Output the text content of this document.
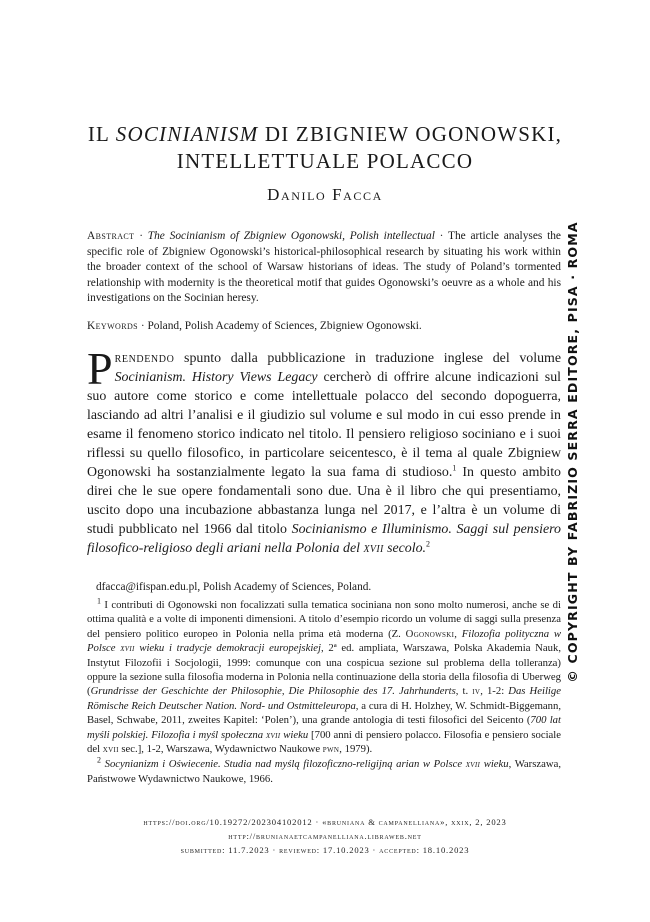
IL SOCINIANISM DI ZBIGNIEW OGONOWSKI,
INTELLETTUALE POLACCO
Danilo Facca
Abstract · The Socinianism of Zbigniew Ogonowski, Polish intellectual · The article analyses the specific role of Zbigniew Ogonowski’s historical-philosophical research by situating his work within the broader context of the school of Warsaw historians of ideas. The study of Poland’s tormented relationship with modernity is the theoretical motif that guides Ogonowski’s oeuvre as a whole and his investigations on the Socinian heresy.
Keywords · Poland, Polish Academy of Sciences, Zbigniew Ogonowski.
Prendendo spunto dalla pubblicazione in traduzione inglese del volume Socinianism. History Views Legacy cercherò di offrire alcune indicazioni sul suo autore come storico e come intellettuale polacco del secondo dopoguerra, lasciando ad altri l’analisi e il giudizio sul volume e sul modo in cui esso prende in esame il fenomeno storico indicato nel titolo. Il pensiero religioso sociniano e i suoi riflessi su quello filosofico, in particolare seicentesco, è il tema al quale Zbigniew Ogonowski ha sostanzialmente legato la sua fama di studioso.$^1$ In questo ambito direi che le sue opere fondamentali sono due. Una è il libro che qui presentiamo, uscito dopo una incubazione abbastanza lunga nel 2017, e l’altra è un volume di studi pubblicato nel 1966 dal titolo Socinianismo e Illuminismo. Saggi sul pensiero filosofico-religioso degli ariani nella Polonia del xvii secolo.$^2$
dfacca@ifispan.edu.pl, Polish Academy of Sciences, Poland.

$^1$ I contributi di Ogonowski non focalizzati sulla tematica sociniana non sono molto numerosi, anche se di ottima qualità e a volte di imponenti dimensioni. A titolo d’esempio ricordo un volume di saggi sulla presenza del pensiero politico europeo in Polonia nella prima età moderna (Z. Ogonowski, Filozofia polityczna w Polsce xvii wieku i tradycje demokracji europejskiej, 2ª ed. ampliata, Warszawa, Polska Akademia Nauk, Instytut Filozofii i Socjologii, 1999: comunque con una cospicua sezione sul problema della tolleranza) oppure la sezione sulla filosofia moderna in Polonia nella continuazione della storia della filosofia di Uberweg (Grundrisse der Geschichte der Philosophie, Die Philosophie des 17. Jahrhunderts, t. iv, 1-2: Das Heilige Römische Reich Deutscher Nation. Nord- und Ostmitteleuropa, a cura di H. Holzhey, W. Schmidt-Biggemann, Basel, Schwabe, 2011, zweites Kapitel: ‘Polen’), una grande antologia di testi filosofici del Seicento (700 lat myśli polskiej. Filozofia i myśl społeczna xvii wieku [700 anni di pensiero polacco. Filosofia e pensiero sociale del xvii sec.], 1-2, Warszawa, Wydawnictwo Naukowe pwn, 1979).

$^2$ Socynianizm i Oświecenie. Studia nad myślą filozoficzno-religijną arian w Polsce xvii wieku, Warszawa, Państwowe Wydawnictwo Naukowe, 1966.

https://doi.org/10.19272/202304102012 · «bruniana & campanelliana», xxix, 2, 2023
http://brunianaetcampanelliana.libraweb.net
submitted: 11.7.2023 · reviewed: 17.10.2023 · accepted: 18.10.2023
© COPYRIGHT BY FABRIZIO SERRA EDITORE, PISA · ROMA
